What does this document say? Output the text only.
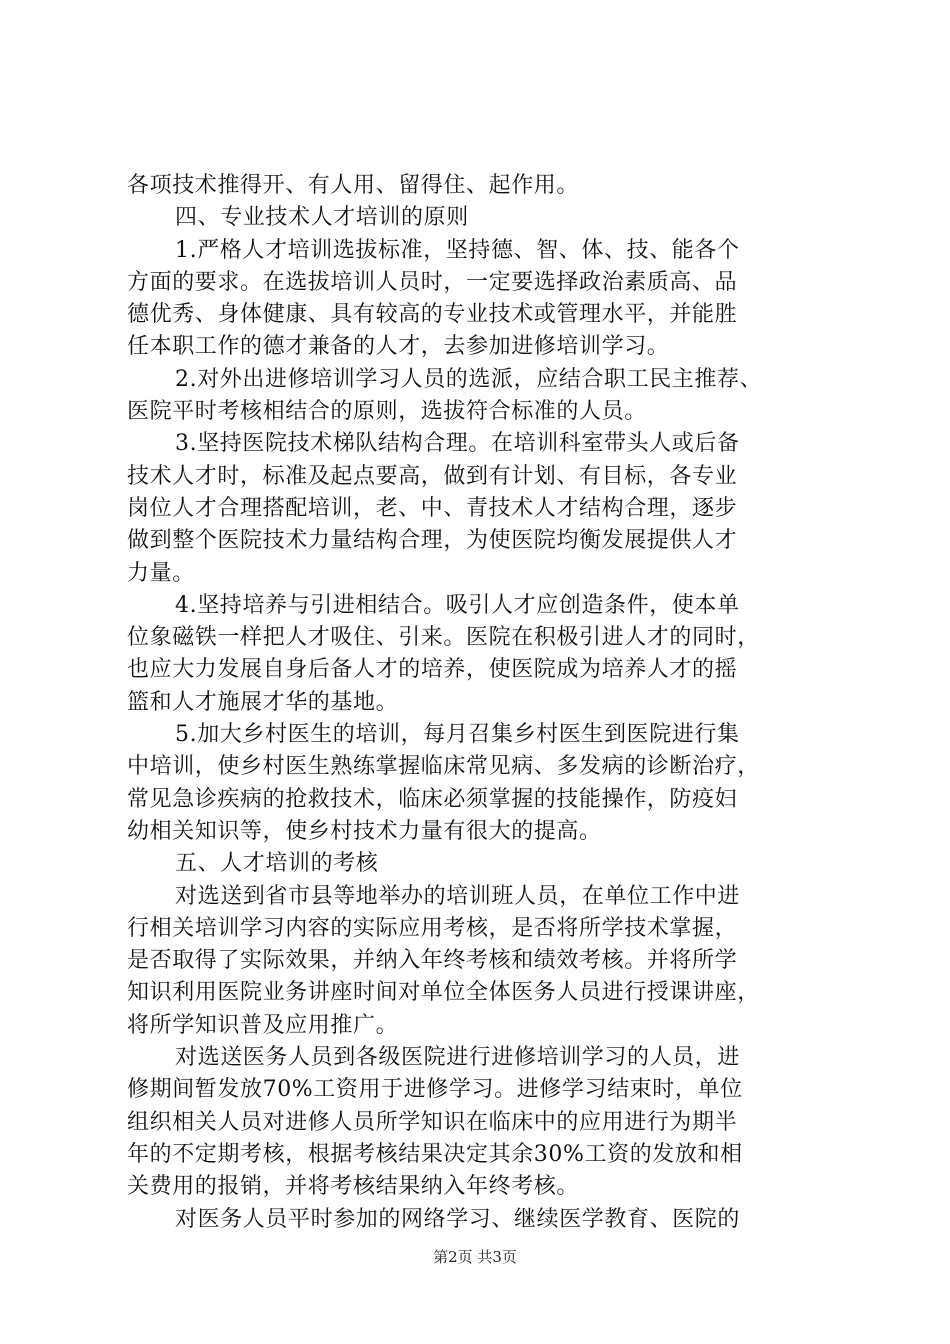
各项技术推得开、有人用、留得住、起作用。
四、专业技术人才培训的原则
1.严格人才培训选拔标准，坚持德、智、体、技、能各个
方面的要求。在选拔培训人员时，一定要选择政治素质高、品
德优秀、身体健康、具有较高的专业技术或管理水平，并能胜
任本职工作的德才兼备的人才，去参加进修培训学习。
2.对外出进修培训学习人员的选派，应结合职工民主推荐、
医院平时考核相结合的原则，选拔符合标准的人员。
3.坚持医院技术梯队结构合理。在培训科室带头人或后备
技术人才时，标准及起点要高，做到有计划、有目标，各专业
岗位人才合理搭配培训，老、中、青技术人才结构合理，逐步
做到整个医院技术力量结构合理，为使医院均衡发展提供人才
力量。
4.坚持培养与引进相结合。吸引人才应创造条件，使本单
位象磁铁一样把人才吸住、引来。医院在积极引进人才的同时，
也应大力发展自身后备人才的培养，使医院成为培养人才的摇
篮和人才施展才华的基地。
5.加大乡村医生的培训，每月召集乡村医生到医院进行集
中培训，使乡村医生熟练掌握临床常见病、多发病的诊断治疗，
常见急诊疾病的抢救技术，临床必须掌握的技能操作，防疫妇
幼相关知识等，使乡村技术力量有很大的提高。
五、人才培训的考核
对选送到省市县等地举办的培训班人员，在单位工作中进
行相关培训学习内容的实际应用考核，是否将所学技术掌握，
是否取得了实际效果，并纳入年终考核和绩效考核。并将所学
知识利用医院业务讲座时间对单位全体医务人员进行授课讲座，
将所学知识普及应用推广。
对选送医务人员到各级医院进行进修培训学习的人员，进
修期间暂发放70%工资用于进修学习。进修学习结束时，单位
组织相关人员对进修人员所学知识在临床中的应用进行为期半
年的不定期考核，根据考核结果决定其余30%工资的发放和相
关费用的报销，并将考核结果纳入年终考核。
对医务人员平时参加的网络学习、继续医学教育、医院的
第2页 共3页
